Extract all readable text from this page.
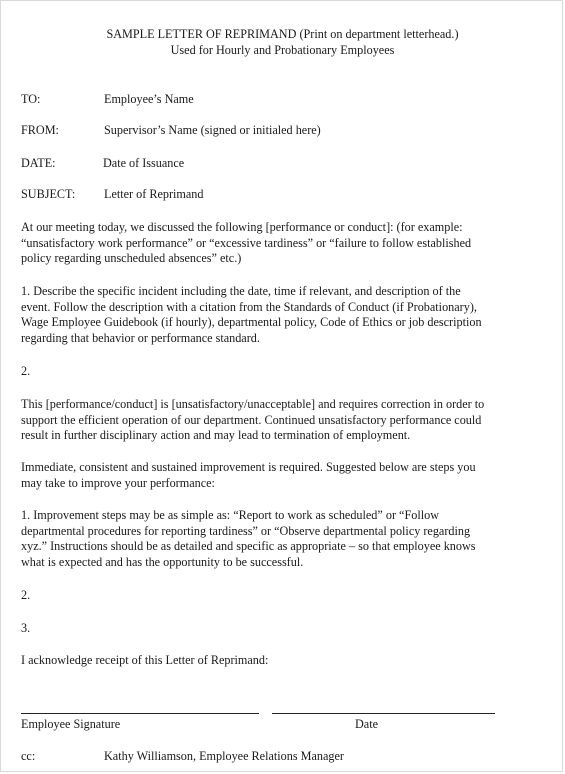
SAMPLE LETTER OF REPRIMAND (Print on department letterhead.)
Used for Hourly and Probationary Employees
TO:	Employee’s Name
FROM:	Supervisor’s Name (signed or initialed here)
DATE:	Date of Issuance
SUBJECT: Letter of Reprimand
At our meeting today, we discussed the following [performance or conduct]: (for example:
“unsatisfactory work performance” or “excessive tardiness” or “failure to follow established
policy regarding unscheduled absences” etc.)
1. Describe the specific incident including the date, time if relevant, and description of the
event. Follow the description with a citation from the Standards of Conduct (if Probationary),
Wage Employee Guidebook (if hourly), departmental policy, Code of Ethics or job description
regarding that behavior or performance standard.
2.
This [performance/conduct] is [unsatisfactory/unacceptable] and requires correction in order to
support the efficient operation of our department. Continued unsatisfactory performance could
result in further disciplinary action and may lead to termination of employment.
Immediate, consistent and sustained improvement is required. Suggested below are steps you
may take to improve your performance:
1. Improvement steps may be as simple as: “Report to work as scheduled” or “Follow
departmental procedures for reporting tardiness” or “Observe departmental policy regarding
xyz.” Instructions should be as detailed and specific as appropriate – so that employee knows
what is expected and has the opportunity to be successful.
2.
3.
I acknowledge receipt of this Letter of Reprimand:
Employee Signature	Date
cc:	Kathy Williamson, Employee Relations Manager
